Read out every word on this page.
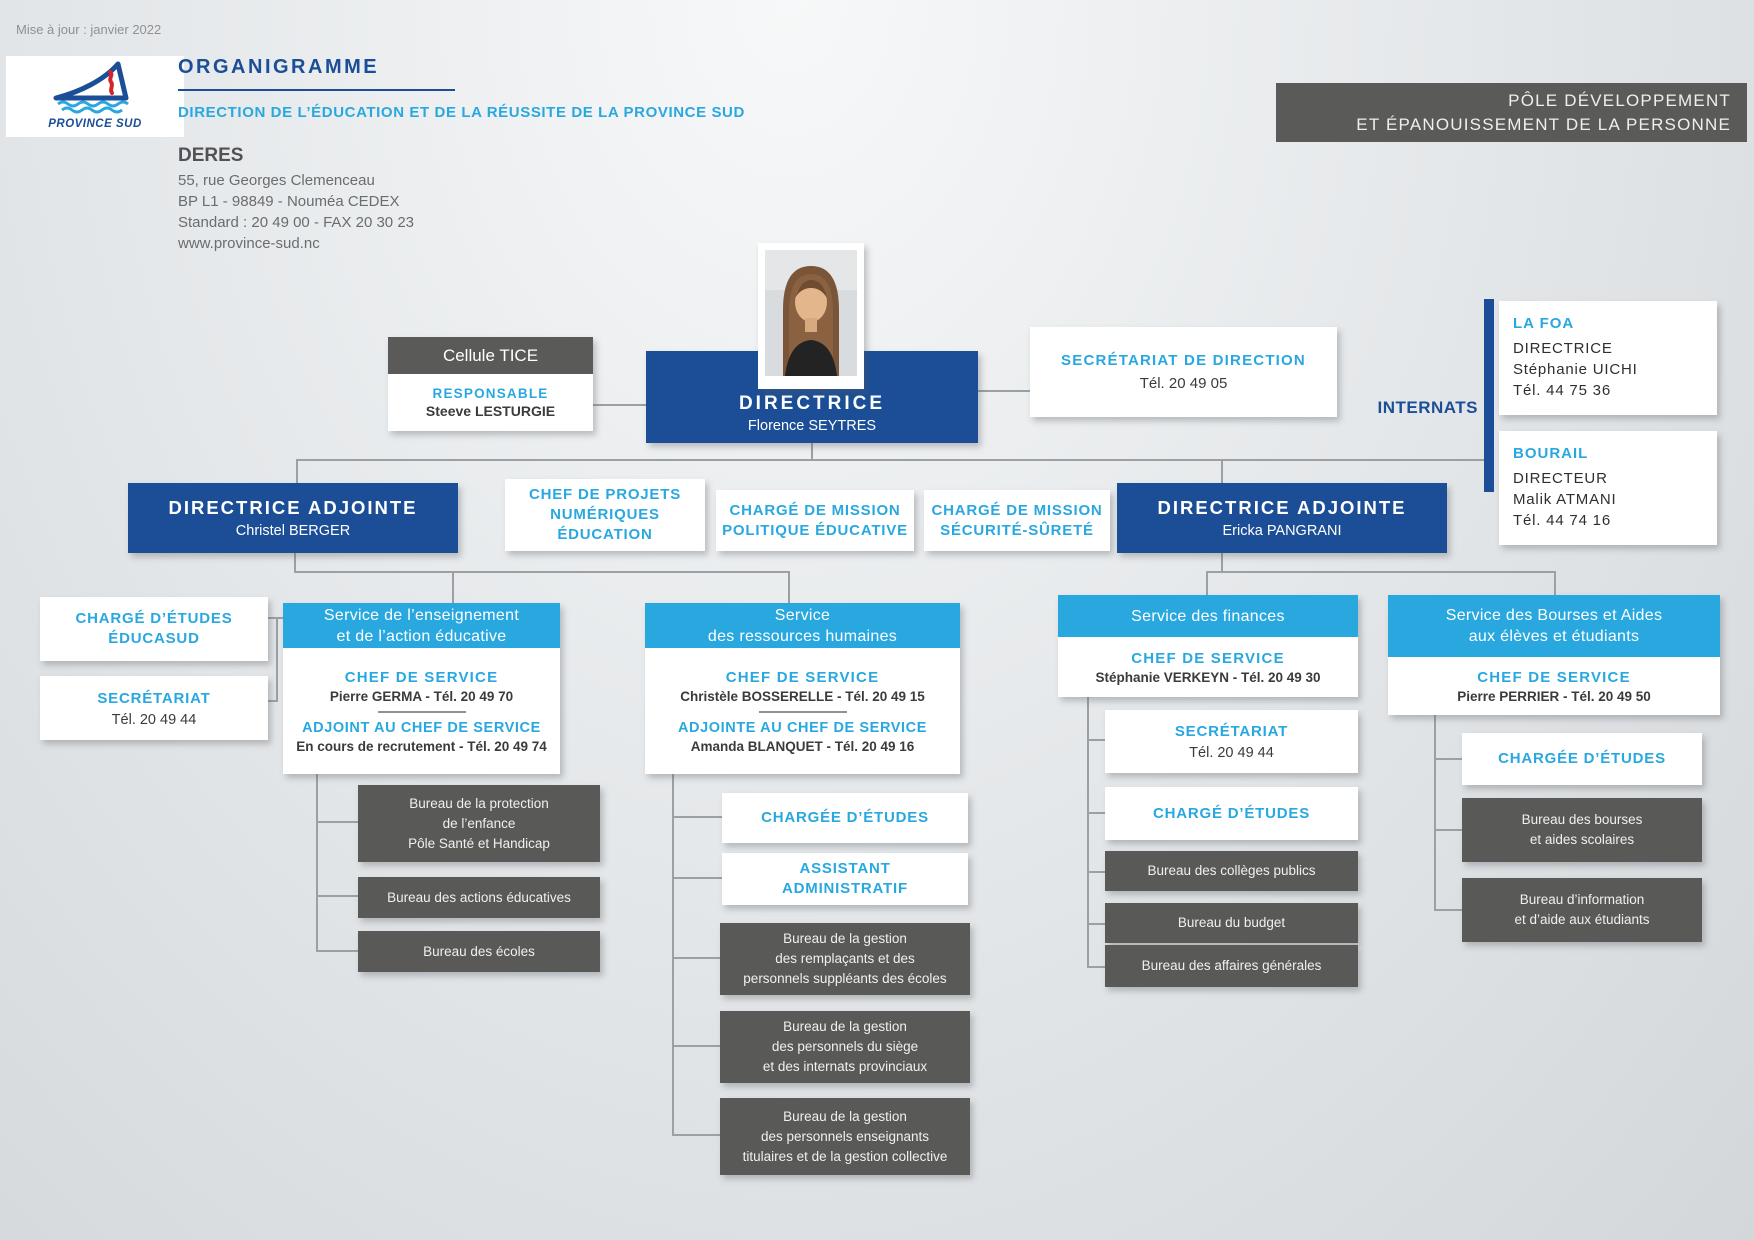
Mise à jour : janvier 2022
PROVINCE SUD
ORGANIGRAMME
DIRECTION DE L’ÉDUCATION ET DE LA RÉUSSITE DE LA PROVINCE SUD
PÔLE DÉVELOPPEMENT
ET ÉPANOUISSEMENT DE LA PERSONNE
DERES
55, rue Georges Clemenceau
BP L1 - 98849 - Nouméa CEDEX
Standard : 20 49 00 - FAX 20 30 23
www.province-sud.nc
Cellule TICE
RESPONSABLE
Steeve LESTURGIE	DIRECTRICE
Florence SEYTRES
SECRÉTARIAT DE DIRECTION
Tél. 20 49 05
INTERNATS
LA FOA
DIRECTRICE
Stéphanie UICHI
Tél. 44 75 36
BOURAIL
DIRECTEUR
Malik ATMANI
Tél. 44 74 16
DIRECTRICE ADJOINTE
Christel BERGER
CHEF DE PROJETS
NUMÉRIQUES
ÉDUCATION
CHARGÉ DE MISSION
POLITIQUE ÉDUCATIVE
CHARGÉ DE MISSION
SÉCURITÉ-SÛRETÉ
DIRECTRICE ADJOINTE
Ericka PANGRANI
CHARGÉ D’ÉTUDES
ÉDUCASUD
SECRÉTARIAT
Tél. 20 49 44
Service de l’enseignement
et de l’action éducative
CHEF DE SERVICE
Pierre GERMA - Tél. 20 49 70
ADJOINT AU CHEF DE SERVICE
En cours de recrutement - Tél. 20 49 74
Bureau de la protection
de l’enfance
Pôle Santé et Handicap
Bureau des actions éducatives
Bureau des écoles
Service
des ressources humaines
CHEF DE SERVICE
Christèle BOSSERELLE - Tél. 20 49 15
ADJOINTE AU CHEF DE SERVICE
Amanda BLANQUET - Tél. 20 49 16
CHARGÉE D’ÉTUDES
ASSISTANT
ADMINISTRATIF
Bureau de la gestion
des remplaçants et des
personnels suppléants des écoles
Bureau de la gestion
des personnels du siège
et des internats provinciaux
Bureau de la gestion
des personnels enseignants
titulaires et de la gestion collective
Service des finances
CHEF DE SERVICE
Stéphanie VERKEYN - Tél. 20 49 30
SECRÉTARIAT
Tél. 20 49 44
CHARGÉ D’ÉTUDES
Bureau des collèges publics
Bureau du budget
Bureau des affaires générales
Service des Bourses et Aides
aux élèves et étudiants
CHEF DE SERVICE
Pierre PERRIER - Tél. 20 49 50
CHARGÉE D’ÉTUDES
Bureau des bourses
et aides scolaires
Bureau d’information
et d’aide aux étudiants
